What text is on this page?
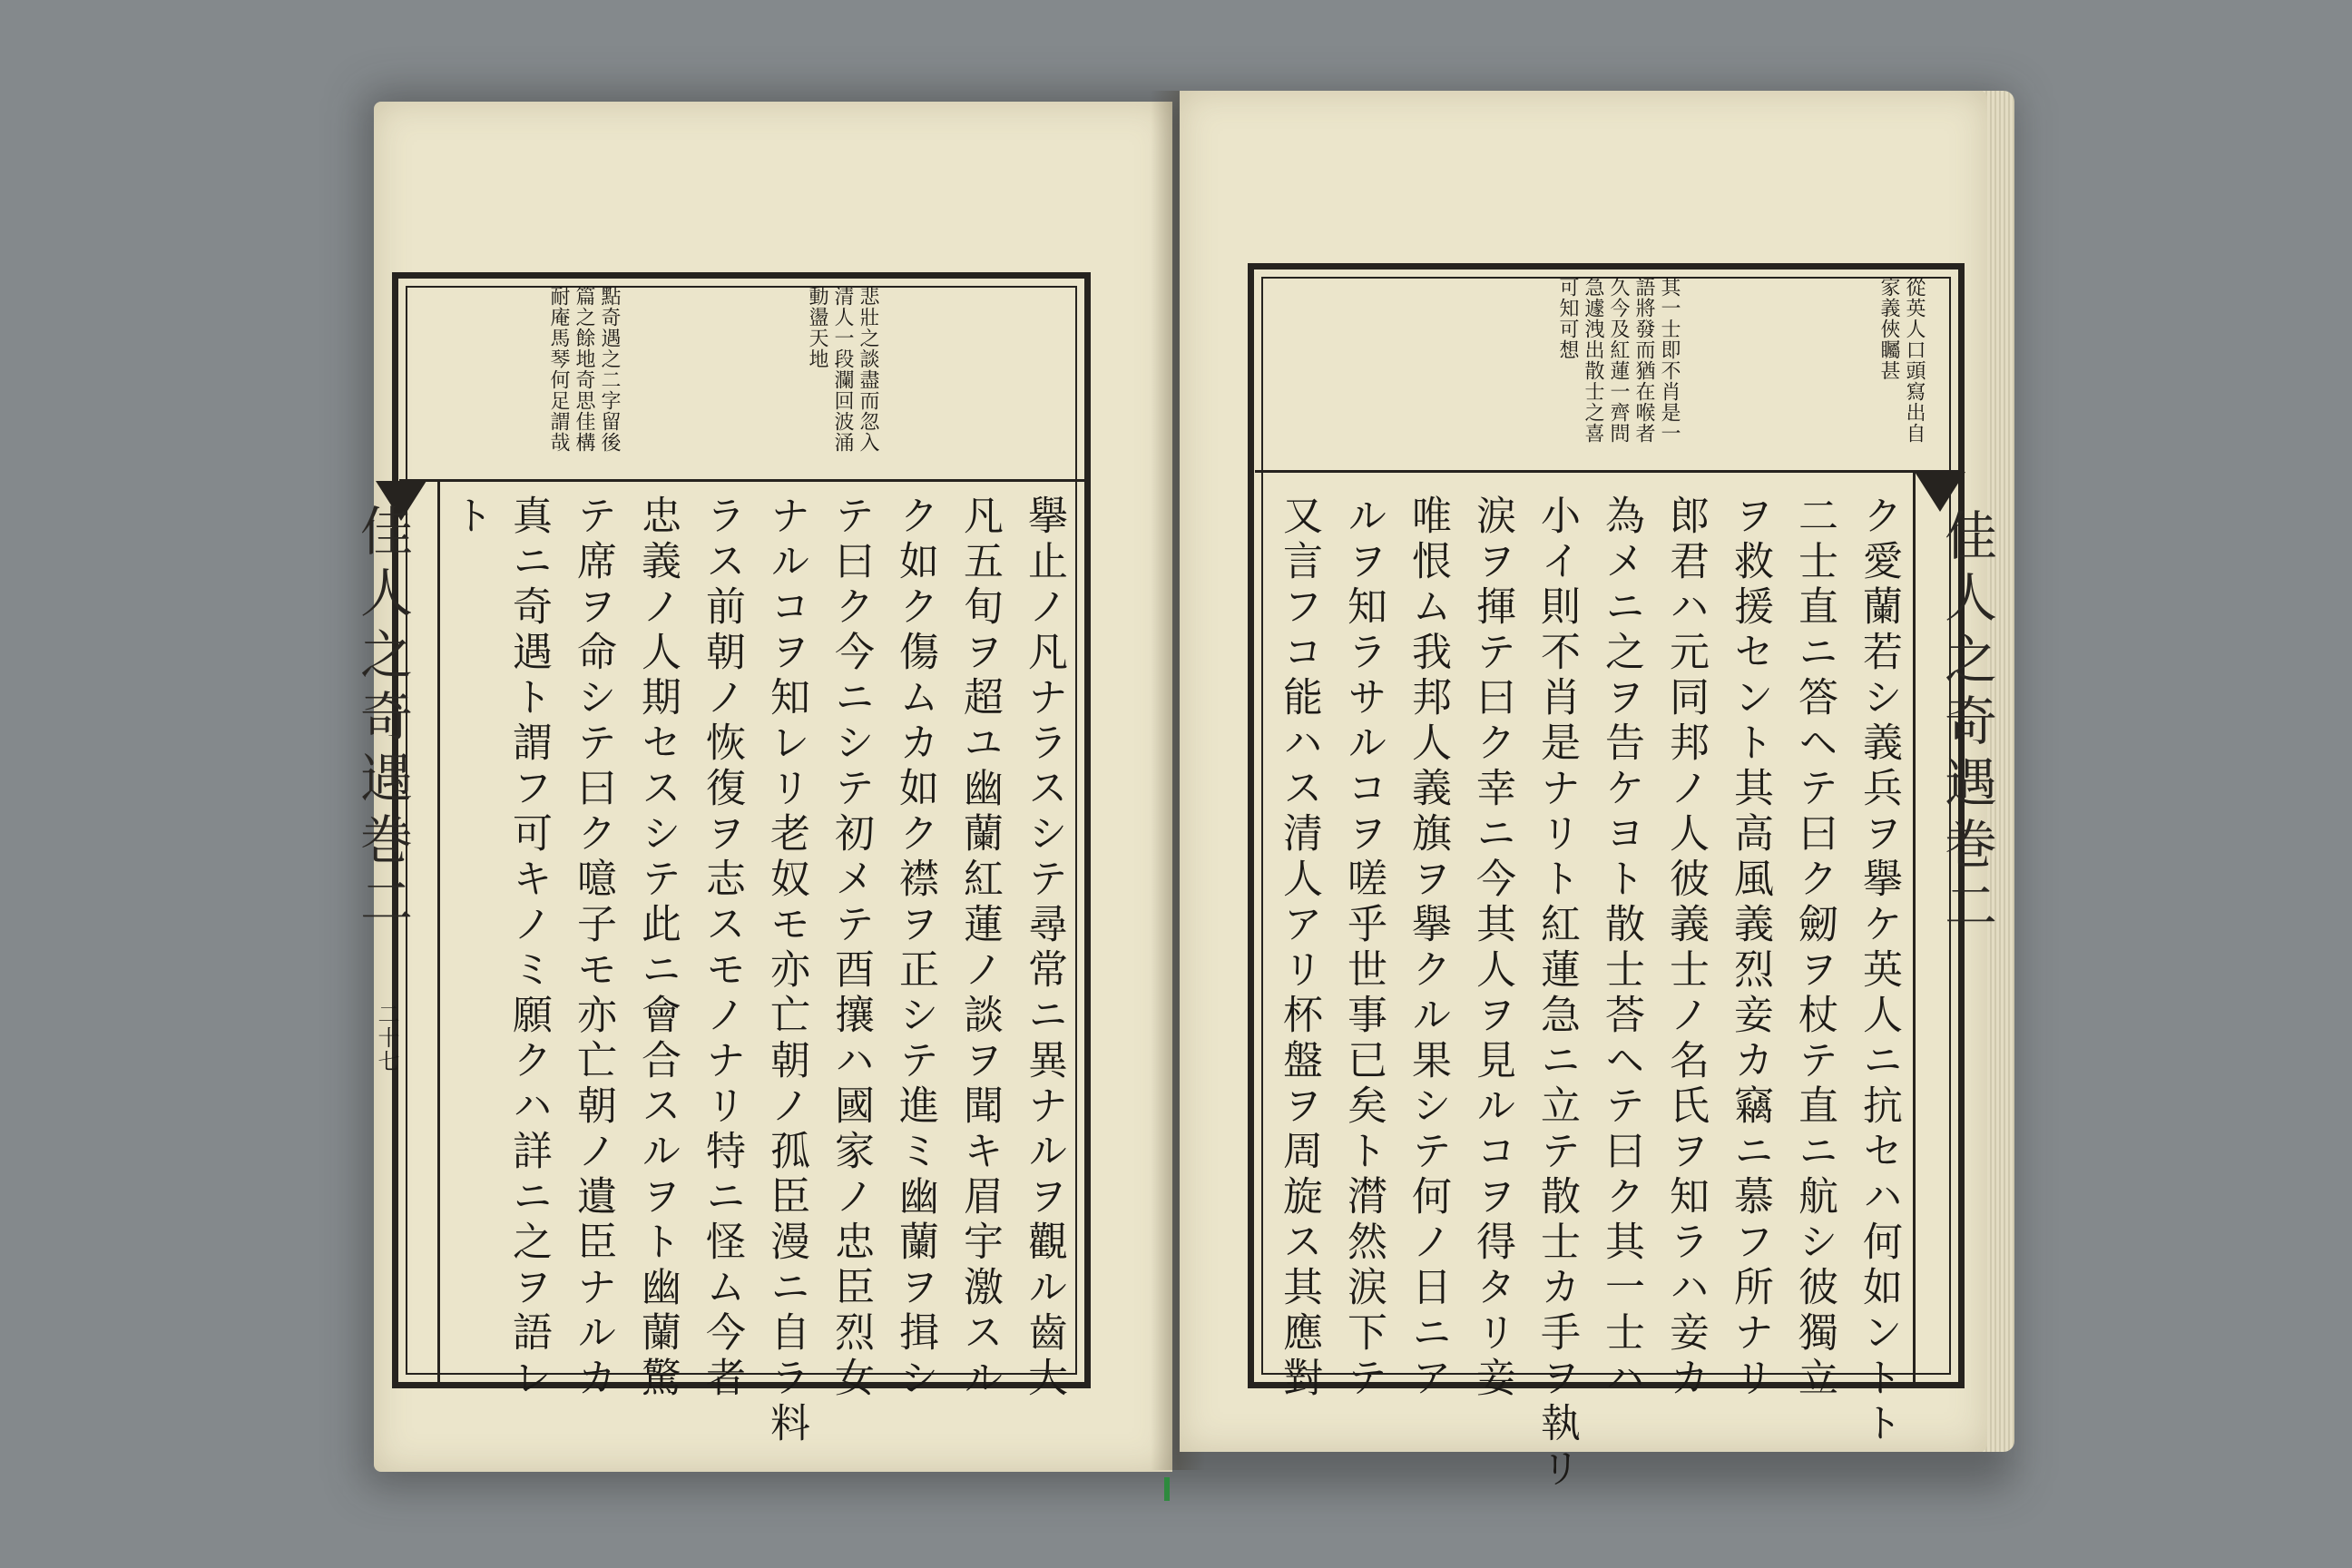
悲壯之談盡而忽入
清人一段瀾回波涌
動盪天地
點奇遇之二字留後
篇之餘地奇思佳構
耐庵馬琴何足謂哉
擧止ノ凡ナラスシテ尋常ニ異ナルヲ觀ル齒大
凡五旬ヲ超ユ幽蘭紅蓮ノ談ヲ聞キ眉宇激スル
ク如ク傷ムカ如ク襟ヲ正シテ進ミ幽蘭ヲ揖シ
テ曰ク今ニシテ初メテ酉攘ハ國家ノ忠臣烈女
ナルコヲ知レリ老奴モ亦亡朝ノ孤臣漫ニ自ラ料
ラス前朝ノ恢復ヲ志スモノナリ特ニ怪ム今者
忠義ノ人期セスシテ此ニ會合スルヲト幽蘭驚
テ席ヲ命シテ曰ク噫子モ亦亡朝ノ遺臣ナルカ
真ニ奇遇ト謂フ可キノミ願クハ詳ニ之ヲ語レ
ト
佳人之奇遇巻二
二十七
從英人口頭寫出自
家義俠矚甚
其一士即不肖是一
語將發而猶在喉者
久今及紅蓮一齊問
急遽洩出散士之喜
可知可想
佳人之奇遇巻二
ク愛蘭若シ義兵ヲ擧ケ英人ニ抗セハ何如ントト
二士直ニ答ヘテ曰ク劒ヲ杖テ直ニ航シ彼獨立
ヲ救援セント其高風義烈妾カ竊ニ慕フ所ナリ
郎君ハ元同邦ノ人彼義士ノ名氏ヲ知ラハ妾カ
為メニ之ヲ告ケヨト散士荅ヘテ曰ク其一士ハ
小イ則不肖是ナリト紅蓮急ニ立テ散士カ手ヲ執リ
涙ヲ揮テ曰ク幸ニ今其人ヲ見ルコヲ得タリ妾
唯恨ム我邦人義旗ヲ擧クル果シテ何ノ日ニア
ルヲ知ラサルコヲ嗟乎世事已矣ト潸然涙下テ
又言フコ能ハス清人アリ杯盤ヲ周旋ス其應對
